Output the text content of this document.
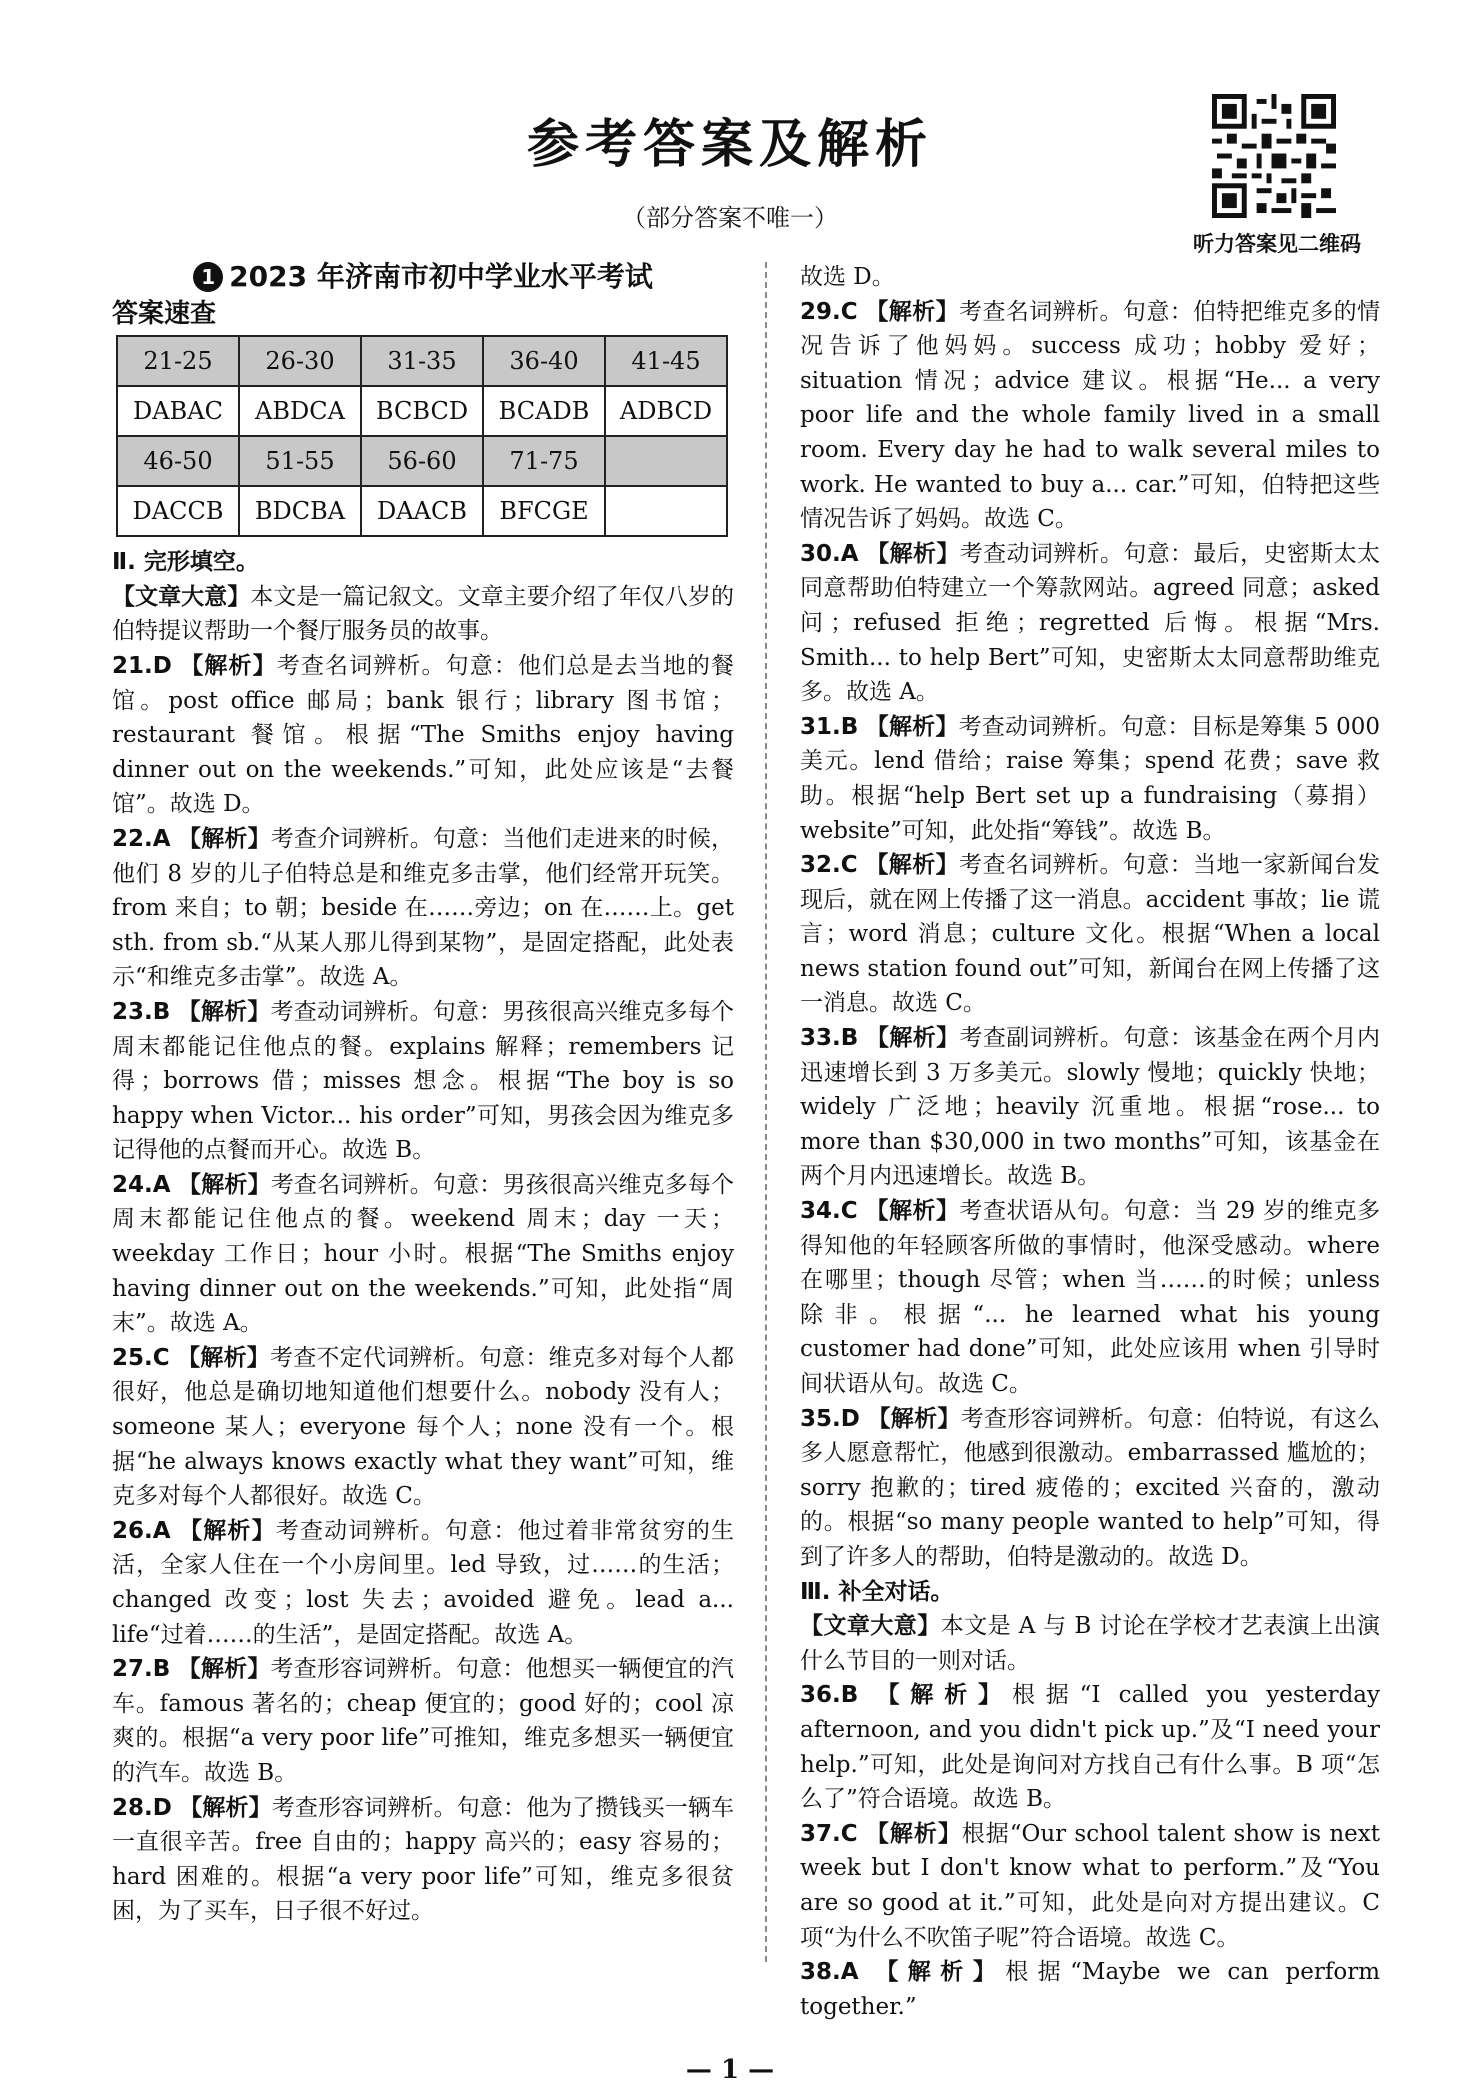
参考答案及解析
（部分答案不唯一）
听力答案见二维码
1 2023 年济南市初中学业水平考试
答案速查
21-25	26-30	31-35	36-40	41-45
DABAC	ABDCA	BCBCD	BCADB	ADBCD
46-50	51-55	56-60	71-75	
DACCB	BDCBA	DAACB	BFCGE	
Ⅱ. 完形填空。

【文章大意】本文是一篇记叙文。文章主要介绍了年仅八岁的伯特提议帮助一个餐厅服务员的故事。

21.D 【解析】考查名词辨析。句意：他们总是去当地的餐馆。post office 邮局；bank 银行；library 图书馆；restaurant 餐馆。根据“The Smiths enjoy having dinner out on the weekends.”可知，此处应该是“去餐馆”。故选 D。

22.A 【解析】考查介词辨析。句意：当他们走进来的时候，他们 8 岁的儿子伯特总是和维克多击掌，他们经常开玩笑。from 来自；to 朝；beside 在……旁边；on 在……上。get sth. from sb.“从某人那儿得到某物”，是固定搭配，此处表示“和维克多击掌”。故选 A。

23.B 【解析】考查动词辨析。句意：男孩很高兴维克多每个周末都能记住他点的餐。explains 解释；remembers 记得；borrows 借；misses 想念。根据“The boy is so happy when Victor... his order”可知，男孩会因为维克多记得他的点餐而开心。故选 B。

24.A 【解析】考查名词辨析。句意：男孩很高兴维克多每个周末都能记住他点的餐。weekend 周末；day 一天；weekday 工作日；hour 小时。根据“The Smiths enjoy having dinner out on the weekends.”可知，此处指“周末”。故选 A。

25.C 【解析】考查不定代词辨析。句意：维克多对每个人都很好，他总是确切地知道他们想要什么。nobody 没有人；someone 某人；everyone 每个人；none 没有一个。根据“he always knows exactly what they want”可知，维克多对每个人都很好。故选 C。

26.A 【解析】考查动词辨析。句意：他过着非常贫穷的生活，全家人住在一个小房间里。led 导致，过……的生活；changed 改变；lost 失去；avoided 避免。lead a... life“过着……的生活”，是固定搭配。故选 A。

27.B 【解析】考查形容词辨析。句意：他想买一辆便宜的汽车。famous 著名的；cheap 便宜的；good 好的；cool 凉爽的。根据“a very poor life”可推知，维克多想买一辆便宜的汽车。故选 B。

28.D 【解析】考查形容词辨析。句意：他为了攒钱买一辆车一直很辛苦。free 自由的；happy 高兴的；easy 容易的；hard 困难的。根据“a very poor life”可知，维克多很贫困，为了买车，日子很不好过。

故选 D。

29.C 【解析】考查名词辨析。句意：伯特把维克多的情况告诉了他妈妈。success 成功；hobby 爱好；situation 情况；advice 建议。根据“He... a very poor life and the whole family lived in a small room. Every day he had to walk several miles to work. He wanted to buy a... car.”可知，伯特把这些情况告诉了妈妈。故选 C。

30.A 【解析】考查动词辨析。句意：最后，史密斯太太同意帮助伯特建立一个筹款网站。agreed 同意；asked 问；refused 拒绝；regretted 后悔。根据“Mrs. Smith... to help Bert”可知，史密斯太太同意帮助维克多。故选 A。

31.B 【解析】考查动词辨析。句意：目标是筹集 5 000 美元。lend 借给；raise 筹集；spend 花费；save 救助。根据“help Bert set up a fundraising（募捐）website”可知，此处指“筹钱”。故选 B。

32.C 【解析】考查名词辨析。句意：当地一家新闻台发现后，就在网上传播了这一消息。accident 事故；lie 谎言；word 消息；culture 文化。根据“When a local news station found out”可知，新闻台在网上传播了这一消息。故选 C。

33.B 【解析】考查副词辨析。句意：该基金在两个月内迅速增长到 3 万多美元。slowly 慢地；quickly 快地；widely 广泛地；heavily 沉重地。根据“rose... to more than $30,000 in two months”可知，该基金在两个月内迅速增长。故选 B。

34.C 【解析】考查状语从句。句意：当 29 岁的维克多得知他的年轻顾客所做的事情时，他深受感动。where 在哪里；though 尽管；when 当……的时候；unless 除非。根据“... he learned what his young customer had done”可知，此处应该用 when 引导时间状语从句。故选 C。

35.D 【解析】考查形容词辨析。句意：伯特说，有这么多人愿意帮忙，他感到很激动。embarrassed 尴尬的；sorry 抱歉的；tired 疲倦的；excited 兴奋的，激动的。根据“so many people wanted to help”可知，得到了许多人的帮助，伯特是激动的。故选 D。

Ⅲ. 补全对话。

【文章大意】本文是 A 与 B 讨论在学校才艺表演上出演什么节目的一则对话。

36.B 【解析】根据“I called you yesterday afternoon, and you didn't pick up.”及“I need your help.”可知，此处是询问对方找自己有什么事。B 项“怎么了”符合语境。故选 B。

37.C 【解析】根据“Our school talent show is next week but I don't know what to perform.”及“You are so good at it.”可知，此处是向对方提出建议。C 项“为什么不吹笛子呢”符合语境。故选 C。

38.A 【解析】根据“Maybe we can perform together.”

— 1 —
